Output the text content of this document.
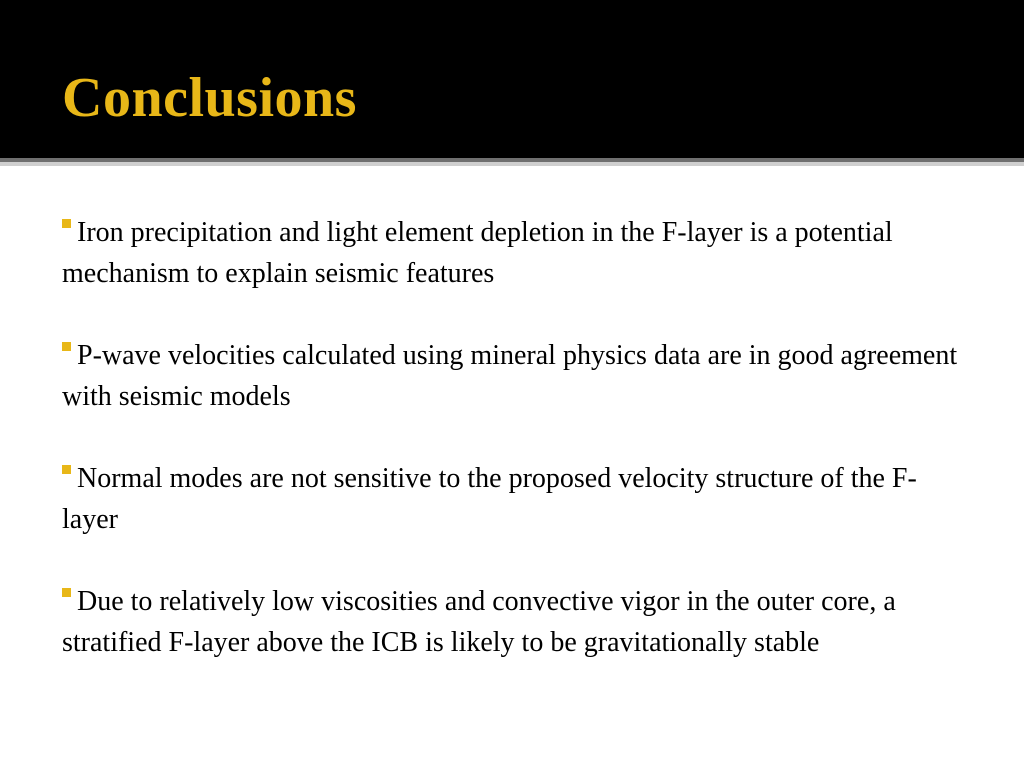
Conclusions
Iron precipitation and light element depletion in the F-layer is a potential mechanism to explain seismic features
P-wave velocities calculated using mineral physics data are in good agreement with seismic models
Normal modes are not sensitive to the proposed velocity structure of the F-layer
Due to relatively low viscosities and convective vigor in the outer core, a stratified F-layer above the ICB is likely to be gravitationally stable
